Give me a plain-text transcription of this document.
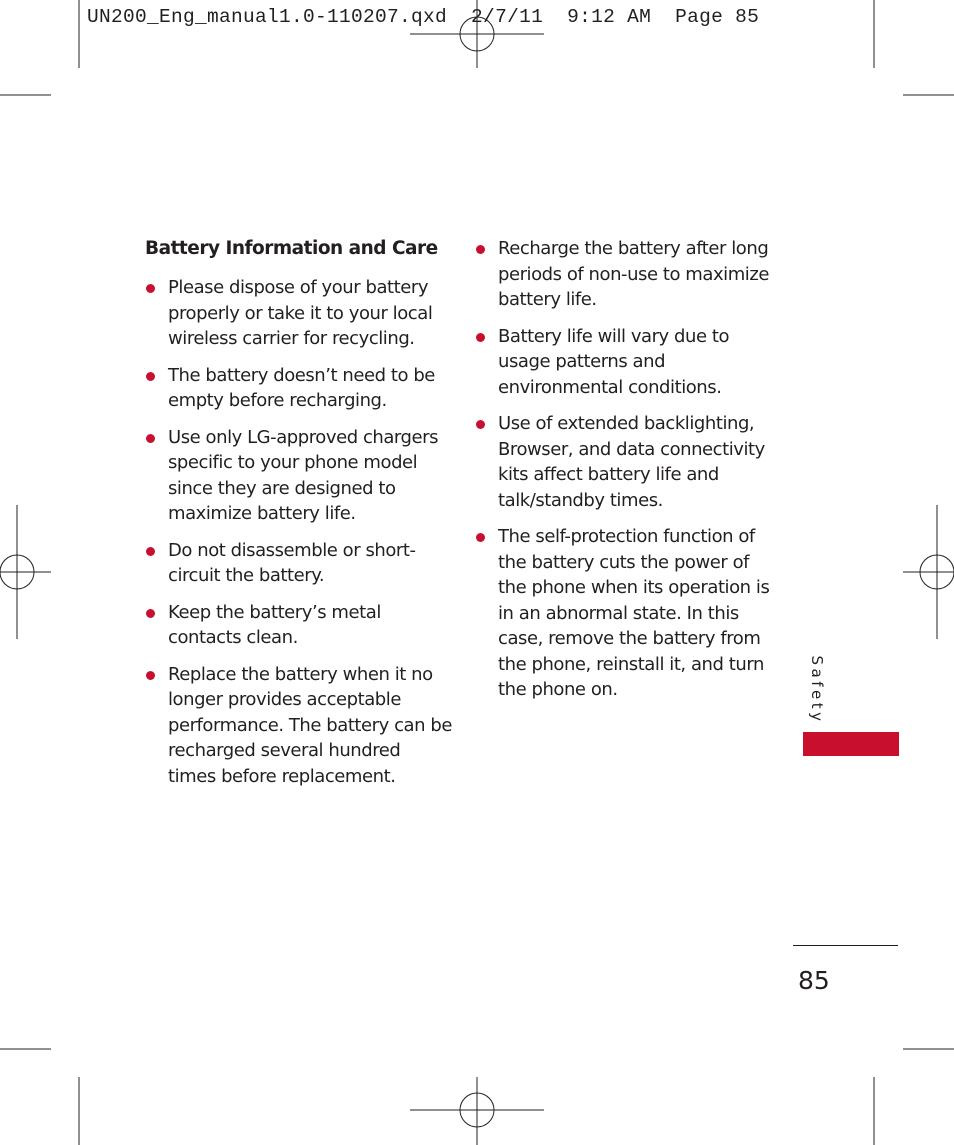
UN200_Eng_manual1.0-110207.qxd  2/7/11  9:12 AM  Page 85
Battery Information and Care
Please dispose of your battery properly or take it to your local wireless carrier for recycling.
The battery doesn’t need to be empty before recharging.
Use only LG-approved chargers specific to your phone model since they are designed to maximize battery life.
Do not disassemble or short-circuit the battery.
Keep the battery’s metal contacts clean.
Replace the battery when it no longer provides acceptable performance. The battery can be recharged several hundred times before replacement.
Recharge the battery after long periods of non-use to maximize battery life.
Battery life will vary due to usage patterns and environmental conditions.
Use of extended backlighting, Browser, and data connectivity kits affect battery life and talk/standby times.
The self-protection function of the battery cuts the power of the phone when its operation is in an abnormal state. In this case, remove the battery from the phone, reinstall it, and turn the phone on.	Safety
85
